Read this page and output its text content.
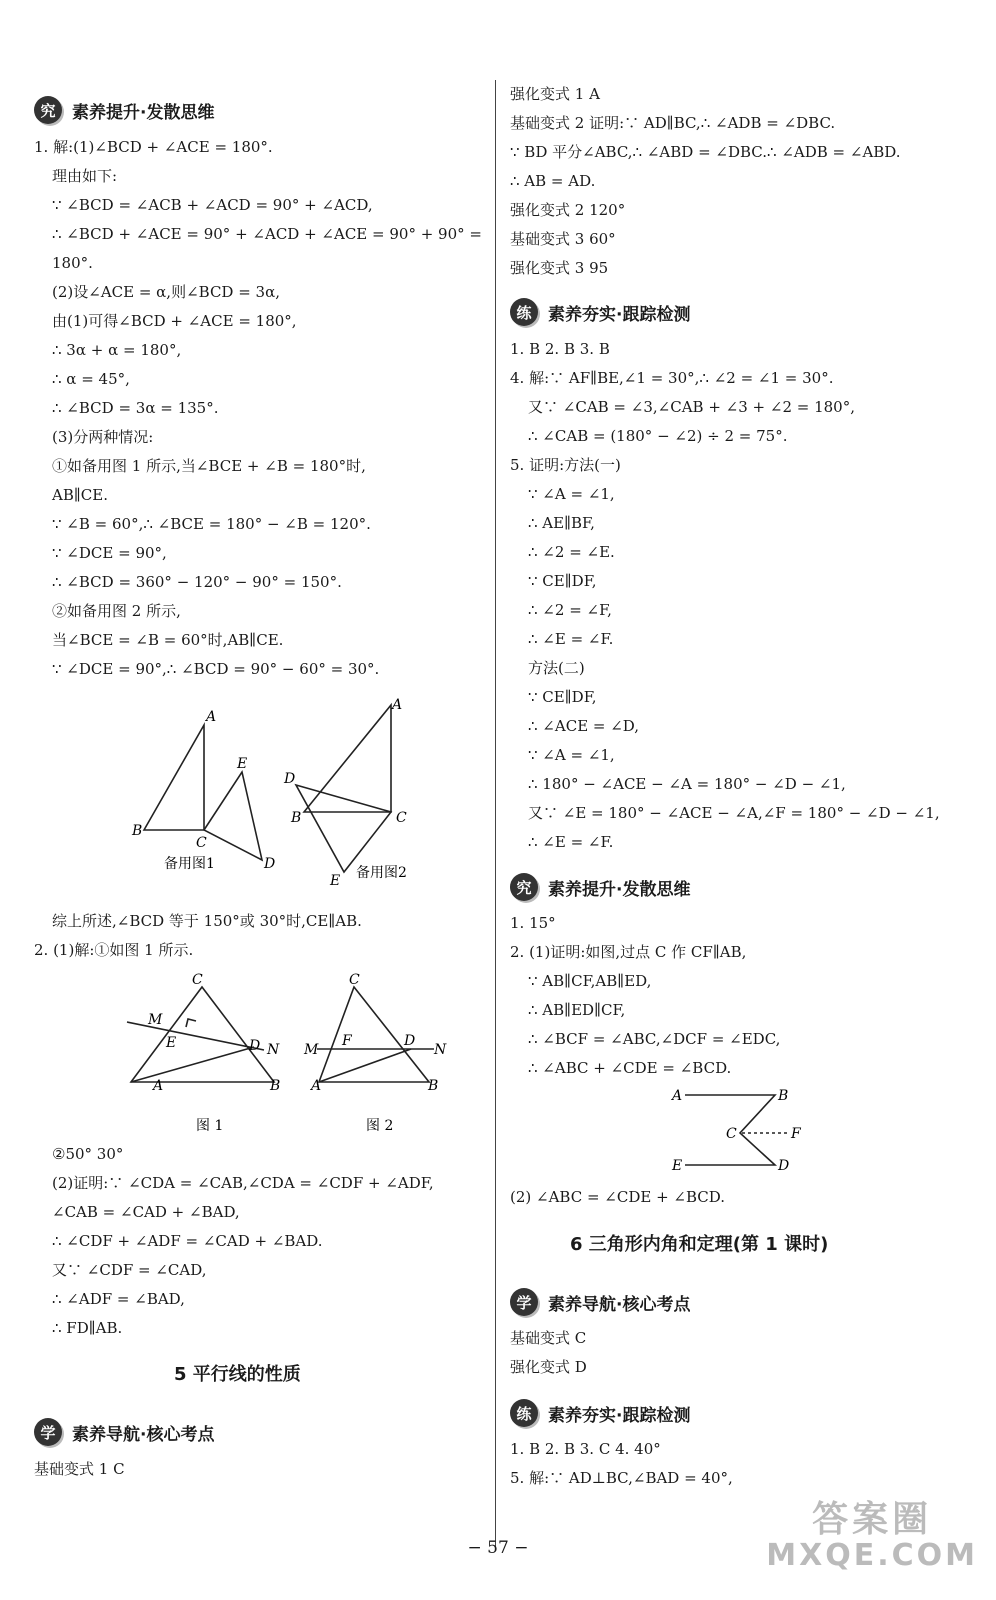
究 素养提升·发散思维
1. 解:(1)∠BCD + ∠ACE = 180°.
理由如下:
∵ ∠BCD = ∠ACB + ∠ACD = 90° + ∠ACD,
∴ ∠BCD + ∠ACE = 90° + ∠ACD + ∠ACE = 90° + 90° =
180°.
(2)设∠ACE = α,则∠BCD = 3α,
由(1)可得∠BCD + ∠ACE = 180°,
∴ 3α + α = 180°,
∴ α = 45°,
∴ ∠BCD = 3α = 135°.
(3)分两种情况:
①如备用图 1 所示,当∠BCE + ∠B = 180°时,
AB∥CE.
∵ ∠B = 60°,∴ ∠BCE = 180° − ∠B = 120°.
∵ ∠DCE = 90°,
∴ ∠BCD = 360° − 120° − 90° = 150°.
②如备用图 2 所示,
当∠BCE = ∠B = 60°时,AB∥CE.
∵ ∠DCE = 90°,∴ ∠BCD = 90° − 60° = 30°.
A
E
B
C
D
A
D
B	C
E
备用图1
备用图2
综上所述,∠BCD 等于 150°或 30°时,CE∥AB.
2. (1)解:①如图 1 所示.
C
M
E	D N
A	B
C
M
F	D
N
A	B
图 1	图 2
②50° 30°
(2)证明:∵ ∠CDA = ∠CAB,∠CDA = ∠CDF + ∠ADF,
∠CAB = ∠CAD + ∠BAD,
∴ ∠CDF + ∠ADF = ∠CAD + ∠BAD.
又∵ ∠CDF = ∠CAD,
∴ ∠ADF = ∠BAD,
∴ FD∥AB.
5 平行线的性质
学 素养导航·核心考点
基础变式 1 C
强化变式 1 A
基础变式 2 证明:∵ AD∥BC,∴ ∠ADB = ∠DBC.
∵ BD 平分∠ABC,∴ ∠ABD = ∠DBC.∴ ∠ADB = ∠ABD.
∴ AB = AD.
强化变式 2 120°
基础变式 3 60°
强化变式 3 95
练 素养夯实·跟踪检测
1. B 2. B 3. B
4. 解:∵ AF∥BE,∠1 = 30°,∴ ∠2 = ∠1 = 30°.
又∵ ∠CAB = ∠3,∠CAB + ∠3 + ∠2 = 180°,
∴ ∠CAB = (180° − ∠2) ÷ 2 = 75°.
5. 证明:方法(一)
∵ ∠A = ∠1,
∴ AE∥BF,
∴ ∠2 = ∠E.
∵ CE∥DF,
∴ ∠2 = ∠F,
∴ ∠E = ∠F.
方法(二)
∵ CE∥DF,
∴ ∠ACE = ∠D,
∵ ∠A = ∠1,
∴ 180° − ∠ACE − ∠A = 180° − ∠D − ∠1,
又∵ ∠E = 180° − ∠ACE − ∠A,∠F = 180° − ∠D − ∠1,
∴ ∠E = ∠F.
究 素养提升·发散思维
1. 15°
2. (1)证明:如图,过点 C 作 CF∥AB,
∵ AB∥CF,AB∥ED,
∴ AB∥ED∥CF,
∴ ∠BCF = ∠ABC,∠DCF = ∠EDC,
∴ ∠ABC + ∠CDE = ∠BCD.
A	B
C	F
E	D
(2) ∠ABC = ∠CDE + ∠BCD.
6 三角形内角和定理(第 1 课时)
学 素养导航·核心考点
基础变式 C
强化变式 D
练 素养夯实·跟踪检测
1. B 2. B 3. C 4. 40°
5. 解:∵ AD⊥BC,∠BAD = 40°,
− 57 −
答案圈
MXQE.COM
